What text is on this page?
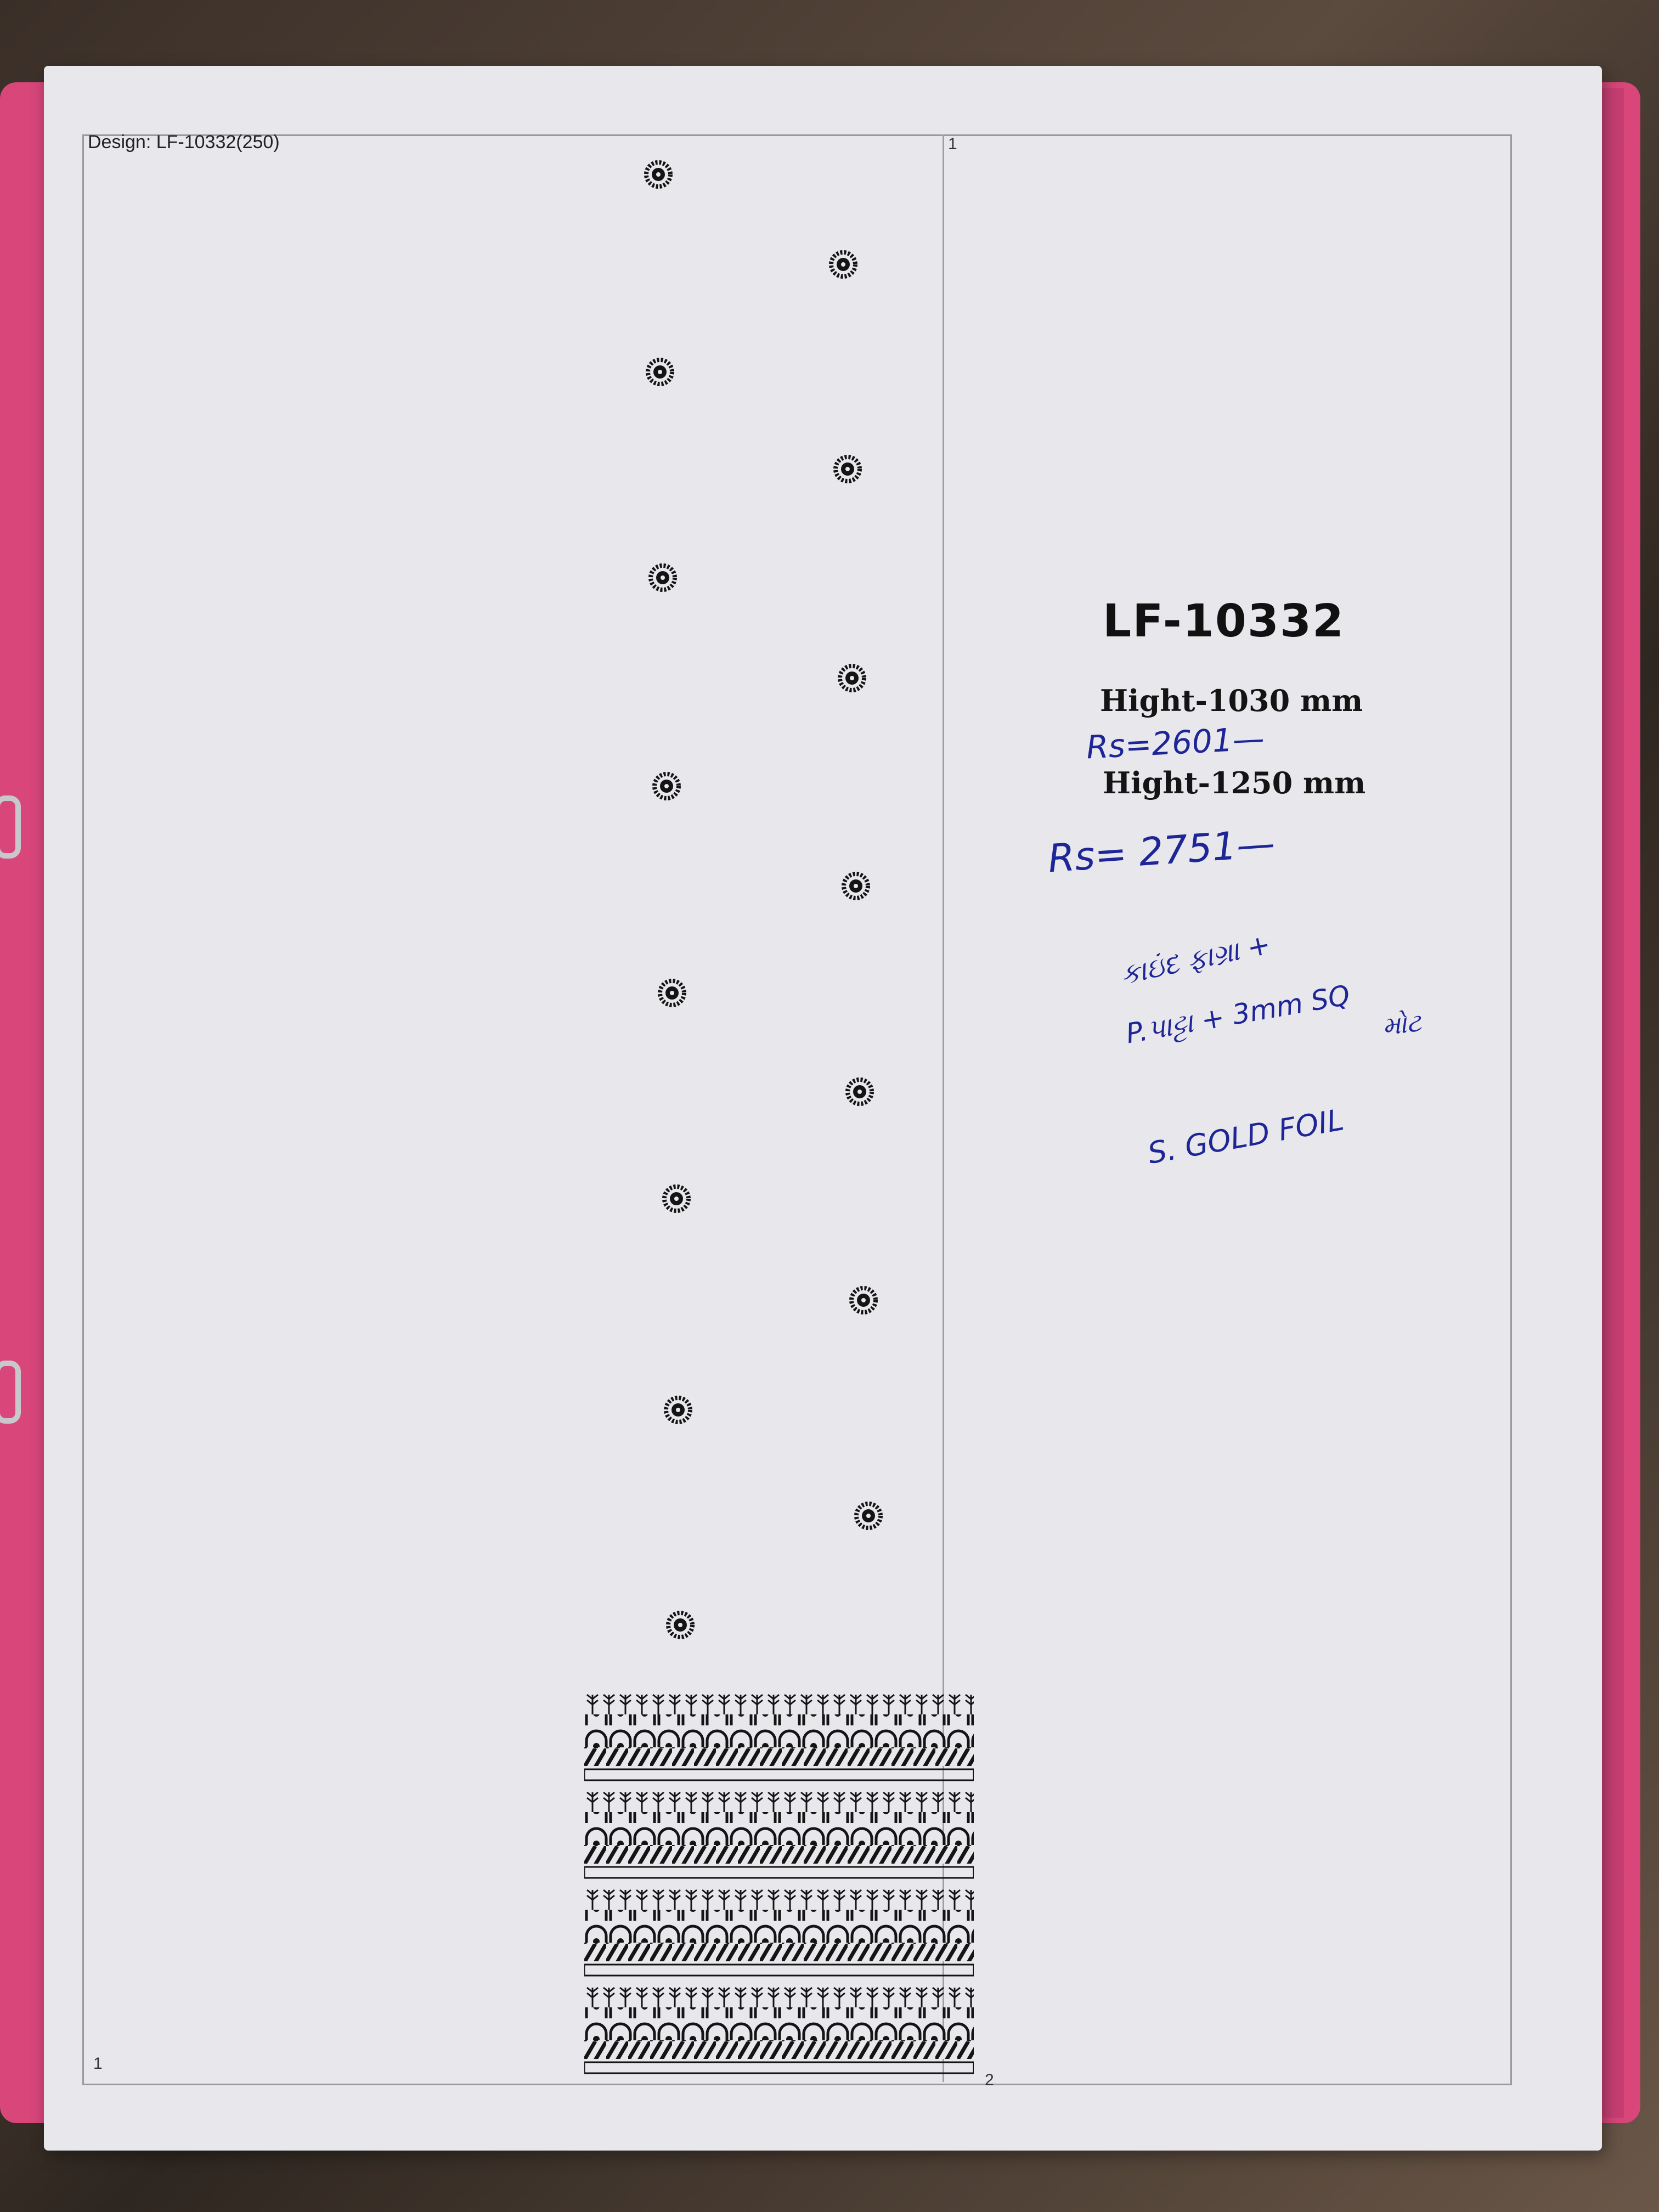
Design: LF-10332(250)	1
1
2
LF-10332
Hight-1030 mm
Hight-1250 mm
Rs=2601—
Rs= 2751—
કાઇંદ ફાગ્રા +
P.પાટ્ટા + 3mm SQ મોટ
S. GOLD FOIL
